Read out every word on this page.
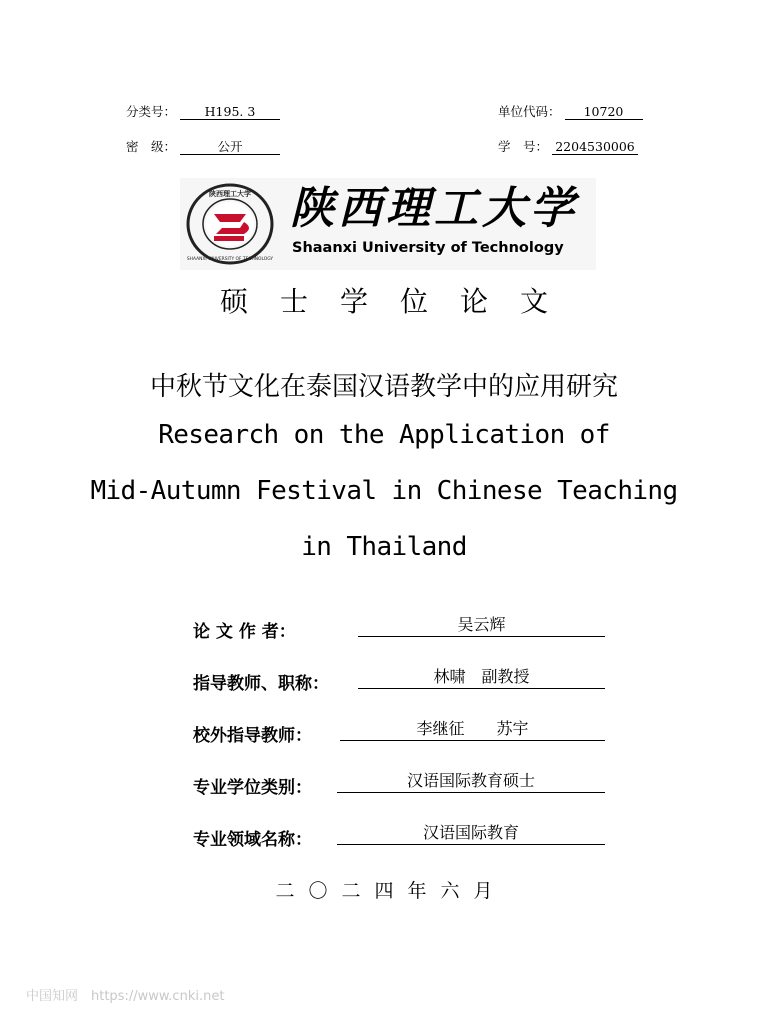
分类号： H195. 3	单位代码： 10720
密　级：	公开	学　号： 2204530006
陕西理工大学
SHAANXI UNIVERSITY OF TECHNOLOGY
陕西理工大学
Shaanxi University of Technology
硕士学位论文
中秋节文化在泰国汉语教学中的应用研究
Research on the Application of
Mid-Autumn Festival in Chinese Teaching
in Thailand
论 文 作 者：	吴云辉
指导教师、职称：	林啸　副教授
校外指导教师：	李继征　　苏宇
专业学位类别：	汉语国际教育硕士
专业领域名称：	汉语国际教育
二〇二四年六月
中国知网　https://www.cnki.net
